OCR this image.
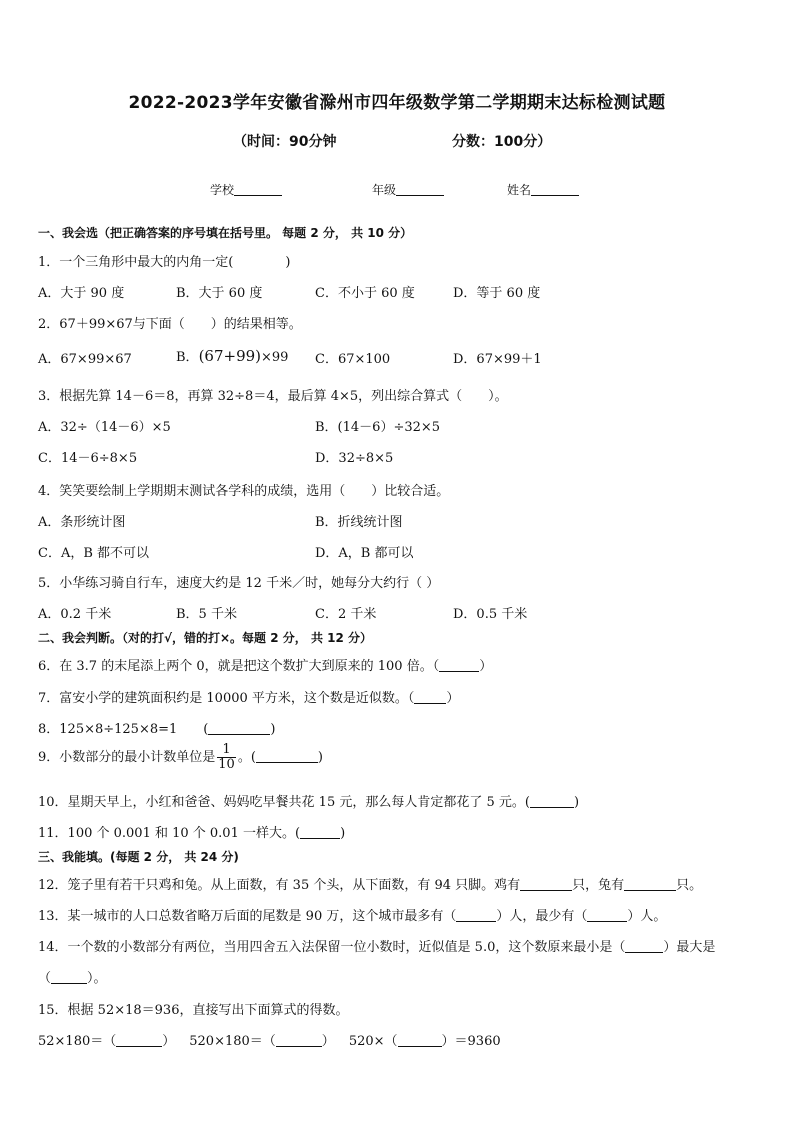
2022-2023学年安徽省滁州市四年级数学第二学期期末达标检测试题
（时间：90分钟	分数：100分）
学校	年级	姓名
一、我会选（把正确答案的序号填在括号里。 每题 2 分， 共 10 分）
1．一个三角形中最大的内角一定(　　　　)
A．大于 90 度	B．大于 60 度	C．不小于 60 度	D．等于 60 度
2．67＋99×67与下面（　　）的结果相等。
A．67×99×67	B．(67+99)×99 C．67×100	D．67×99＋1
3．根据先算 14－6＝8，再算 32÷8＝4，最后算 4×5，列出综合算式（　　）。
A．32÷（14－6）×5	B．(14－6）÷32×5
C．14－6÷8×5	D．32÷8×5
4．笑笑要绘制上学期期末测试各学科的成绩，选用（　　）比较合适。
A．条形统计图	B．折线统计图
C．A，B 都不可以	D．A，B 都可以
5．小华练习骑自行车，速度大约是 12 千米／时，她每分大约行（ ）
A．0.2 千米	B．5 千米	C．2 千米	D．0.5 千米
二、我会判断。（对的打√，错的打×。每题 2 分， 共 12 分）
6．在 3.7 的末尾添上两个 0，就是把这个数扩大到原来的 100 倍。（	）
7．富安小学的建筑面积约是 10000 平方米，这个数是近似数。（ ）
8．125×8÷125×8=1　　(	)
9．小数部分的最小计数单位是 $\frac{1}{10}$ 。(	)
10．星期天早上，小红和爸爸、妈妈吃早餐共花 15 元，那么每人肯定都花了 5 元。(	)
11．100 个 0.001 和 10 个 0.01 一样大。(	)
三、我能填。(每题 2 分， 共 24 分)
12．笼子里有若干只鸡和兔。从上面数，有 35 个头，从下面数，有 94 只脚。鸡有	只，兔有	只。
13．某一城市的人口总数省略万后面的尾数是 90 万，这个城市最多有（	）人，最少有（	）人。
14．一个数的小数部分有两位，当用四舍五入法保留一位小数时，近似值是 5.0，这个数原来最小是（	）最大是
（	）。
15．根据 52×18＝936，直接写出下面算式的得数。
52×180＝（	） 520×180＝（	） 520×（	）＝9360
